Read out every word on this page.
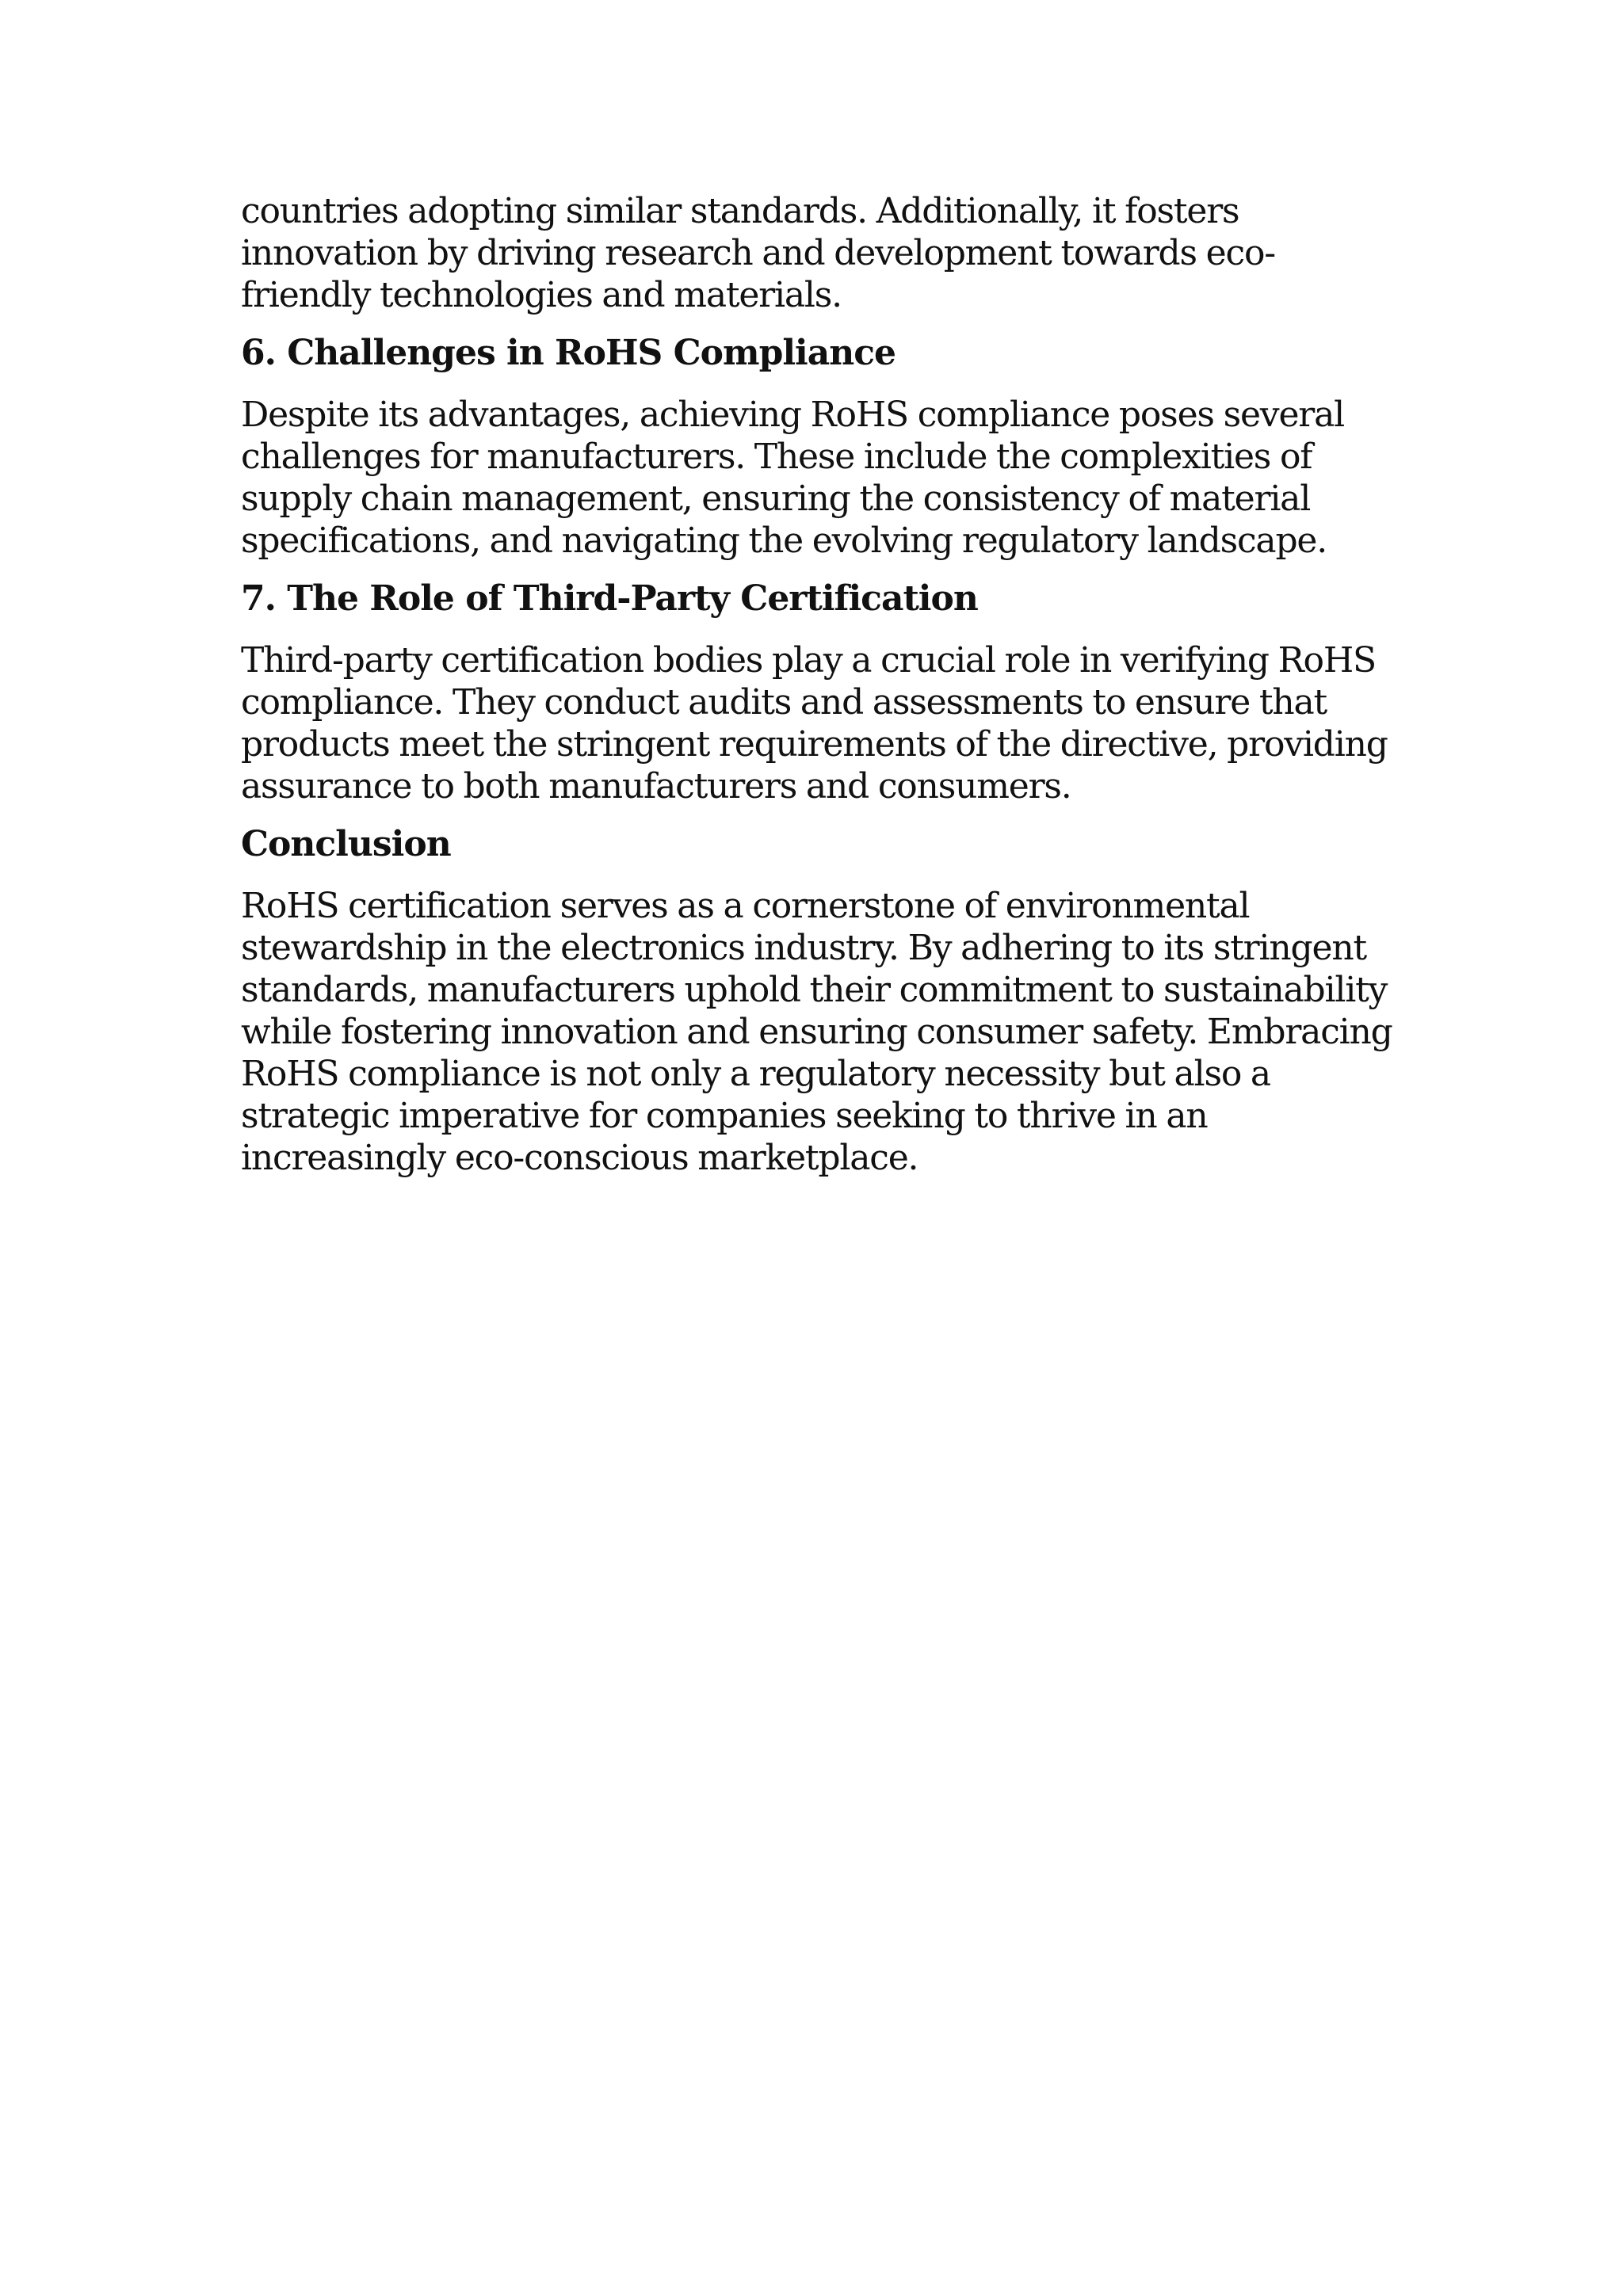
countries adopting similar standards. Additionally, it fosters innovation by driving research and development towards eco-friendly technologies and materials.

6. Challenges in RoHS Compliance

Despite its advantages, achieving RoHS compliance poses several challenges for manufacturers. These include the complexities of supply chain management, ensuring the consistency of material specifications, and navigating the evolving regulatory landscape.

7. The Role of Third-Party Certification

Third-party certification bodies play a crucial role in verifying RoHS compliance. They conduct audits and assessments to ensure that products meet the stringent requirements of the directive, providing assurance to both manufacturers and consumers.

Conclusion

RoHS certification serves as a cornerstone of environmental stewardship in the electronics industry. By adhering to its stringent standards, manufacturers uphold their commitment to sustainability while fostering innovation and ensuring consumer safety. Embracing RoHS compliance is not only a regulatory necessity but also a strategic imperative for companies seeking to thrive in an increasingly eco-conscious marketplace.
